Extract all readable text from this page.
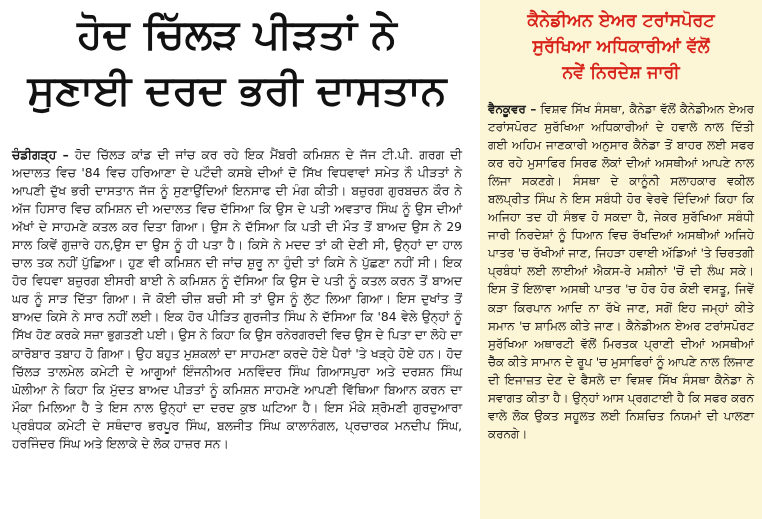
ਹੋਦ ਚਿੱਲੜ ਪੀੜਤਾਂ ਨੇ
ਸੁਣਾਈ ਦਰਦ ਭਰੀ ਦਾਸਤਾਨ
ਚੰਡੀਗੜ੍ਹ – ਹੋਦ ਚਿੱਲੜ ਕਾਂਡ ਦੀ ਜਾਂਚ ਕਰ ਰਹੇ ਇਕ ਮੈਂਬਰੀ ਕਮਿਸ਼ਨ ਦੇ ਜੱਜ ਟੀ.ਪੀ. ਗਰਗ ਦੀ ਅਦਾਲਤ ਵਿਚ '84 ਵਿਚ ਹਰਿਆਣਾ ਦੇ ਪਟੌਦੀ ਕਸਬੇ ਦੀਆਂ ਦੋ ਸਿੱਖ ਵਿਧਵਾਵਾਂ ਸਮੇਤ ਨੌ ਪੀੜਤਾਂ ਨੇ ਆਪਣੀ ਦੁੱਖ ਭਰੀ ਦਾਸਤਾਨ ਜੱਜ ਨੂੰ ਸੁਣਾਉਂਦਿਆਂ ਇਨਸਾਫ ਦੀ ਮੰਗ ਕੀਤੀ। ਬਜ਼ੁਰਗ ਗੁਰਬਚਨ ਕੌਰ ਨੇ ਅੱਜ ਹਿਸਾਰ ਵਿਚ ਕਮਿਸ਼ਨ ਦੀ ਅਦਾਲਤ ਵਿਚ ਦੱਸਿਆ ਕਿ ਉਸ ਦੇ ਪਤੀ ਅਵਤਾਰ ਸਿੰਘ ਨੂੰ ਉਸ ਦੀਆਂ ਅੱਖਾਂ ਦੇ ਸਾਹਮਣੇ ਕਤਲ ਕਰ ਦਿਤਾ ਗਿਆ। ਉਸ ਨੇ ਦੱਸਿਆ ਕਿ ਪਤੀ ਦੀ ਮੌਤ ਤੋਂ ਬਾਅਦ ਉਸ ਨੇ 29 ਸਾਲ ਕਿਵੇਂ ਗੁਜ਼ਾਰੇ ਹਨ,ਉਸ ਦਾ ਉਸ ਨੂੰ ਹੀ ਪਤਾ ਹੈ। ਕਿਸੇ ਨੇ ਮਦਦ ਤਾਂ ਕੀ ਦੇਣੀ ਸੀ, ਉਨ੍ਹਾਂ ਦਾ ਹਾਲ ਚਾਲ ਤਕ ਨਹੀਂ ਪੁੱਛਿਆ। ਹੁਣ ਵੀ ਕਮਿਸ਼ਨ ਦੀ ਜਾਂਚ ਸ਼ੁਰੂ ਨਾ ਹੁੰਦੀ ਤਾਂ ਕਿਸੇ ਨੇ ਪੁੱਛਣਾ ਨਹੀਂ ਸੀ। ਇਕ ਹੋਰ ਵਿਧਵਾ ਬਜ਼ੁਰਗ ਈਸਰੀ ਬਾਈ ਨੇ ਕਮਿਸ਼ਨ ਨੂੰ ਦੱਸਿਆ ਕਿ ਉਸ ਦੇ ਪਤੀ ਨੂੰ ਕਤਲ ਕਰਨ ਤੋਂ ਬਾਅਦ ਘਰ ਨੂੰ ਸਾੜ ਦਿੱਤਾ ਗਿਆ। ਜੋ ਕੋਈ ਚੀਜ਼ ਬਚੀ ਸੀ ਤਾਂ ਉਸ ਨੂੰ ਲੁੱਟ ਲਿਆ ਗਿਆ। ਇਸ ਦੁਖਾਂਤ ਤੋਂ ਬਾਅਦ ਕਿਸੇ ਨੇ ਸਾਰ ਨਹੀਂ ਲਈ। ਇਕ ਹੋਰ ਪੀੜਿਤ ਗੁਰਜੀਤ ਸਿੰਘ ਨੇ ਦੱਸਿਆ ਕਿ '84 ਵੇਲੇ ਉਨ੍ਹਾਂ ਨੂੰ ਸਿੱਖ ਹੋਣ ਕਰਕੇ ਸਜ਼ਾ ਭੁਗਤਣੀ ਪਈ। ਉਸ ਨੇ ਕਿਹਾ ਕਿ ਉਸ ਰਨੇਰਗਰਦੀ ਵਿਚ ਉਸ ਦੇ ਪਿਤਾ ਦਾ ਲੋਹੇ ਦਾ ਕਾਰੋਬਾਰ ਤਬਾਹ ਹੋ ਗਿਆ। ਉਹ ਬਹੁਤ ਮੁਸ਼ਕਲਾਂ ਦਾ ਸਾਹਮਣਾ ਕਰਦੇ ਹੋਏ ਪੈਰਾਂ 'ਤੇ ਖੜ੍ਹੇ ਹੋਏ ਹਨ। ਹੋਦ ਚਿੱਲੜ ਤਾਲਮੇਲ ਕਮੇਟੀ ਦੇ ਆਗੂਆਂ ਇੰਜਨੀਅਰ ਮਨਵਿੰਦਰ ਸਿੰਘ ਗਿਆਸਪੁਰਾ ਅਤੇ ਦਰਸ਼ਨ ਸਿੰਘ ਘੋਲੀਆ ਨੇ ਕਿਹਾ ਕਿ ਮੁੱਦਤ ਬਾਅਦ ਪੀੜਤਾਂ ਨੂੰ ਕਮਿਸ਼ਨ ਸਾਹਮਣੇ ਆਪਣੀ ਵਿੱਥਿਆ ਬਿਆਨ ਕਰਨ ਦਾ ਮੌਕਾ ਮਿਲਿਆ ਹੈ ਤੇ ਇਸ ਨਾਲ ਉਨ੍ਹਾਂ ਦਾ ਦਰਦ ਕੁਝ ਘਟਿਆ ਹੈ। ਇਸ ਮੌਕੇ ਸ਼੍ਰੋਮਣੀ ਗੁਰਦੁਆਰਾ ਪ੍ਰਬੰਧਕ ਕਮੇਟੀ ਦੇ ਸਥੰਦਾਰ ਭਰਪੂਰ ਸਿੰਘ, ਬਲਜੀਤ ਸਿੰਘ ਕਾਲਾਨੰਗਲ, ਪ੍ਰਚਾਰਕ ਮਨਦੀਪ ਸਿੰਘ, ਹਰਜਿੰਦਰ ਸਿੰਘ ਅਤੇ ਇਲਾਕੇ ਦੇ ਲੋਕ ਹਾਜ਼ਰ ਸਨ।
ਕੈਨੇਡੀਅਨ ਏਅਰ ਟਰਾਂਸਪੋਰਟ
ਸੁਰੱਖਿਆ ਅਧਿਕਾਰੀਆਂ ਵੱਲੋਂ
ਨਵੇਂ ਨਿਰਦੇਸ਼ ਜਾਰੀ
ਵੈਨਕੂਵਰ – ਵਿਸ਼ਵ ਸਿੱਖ ਸੰਸਥਾ, ਕੈਨੇਡਾ ਵੱਲੋਂ ਕੈਨੇਡੀਅਨ ਏਅਰ ਟਰਾਂਸਪੋਰਟ ਸੁਰੱਖਿਆ ਅਧਿਕਾਰੀਆਂ ਦੇ ਹਵਾਲੇ ਨਾਲ ਦਿੱਤੀ ਗਈ ਅਹਿਮ ਜਾਣਕਾਰੀ ਅਨੁਸਾਰ ਕੈਨੇਡਾ ਤੋਂ ਬਾਹਰ ਲਈ ਸਫਰ ਕਰ ਰਹੇ ਮੁਸਾਫਿਰ ਸਿਰਫ ਲੋਕਾਂ ਦੀਆਂ ਅਸਥੀਆਂ ਆਪਣੇ ਨਾਲ ਲਿਜਾ ਸਕਣਗੇ। ਸੰਸਥਾ ਦੇ ਕਾਨੂੰਨੀ ਸਲਾਹਕਾਰ ਵਕੀਲ ਬਲਪ੍ਰੀਤ ਸਿੰਘ ਨੇ ਇਸ ਸਬੰਧੀ ਹੋਰ ਵੇਰਵੇ ਦਿੰਦਿਆਂ ਕਿਹਾ ਕਿ ਅਜਿਹਾ ਤਦ ਹੀ ਸੰਭਵ ਹੋ ਸਕਦਾ ਹੈ, ਜੇਕਰ ਸੁਰੱਖਿਆ ਸਬੰਧੀ ਜਾਰੀ ਨਿਰਦੇਸ਼ਾਂ ਨੂੰ ਧਿਆਨ ਵਿਚ ਰੱਖਦਿਆਂ ਅਸਥੀਆਂ ਅਜਿਹੇ ਪਾਤਰ 'ਚ ਰੱਖੀਆਂ ਜਾਣ, ਜਿਹੜਾ ਹਵਾਈ ਅੱਡਿਆਂ 'ਤੇ ਚਿਰਤਗੀ ਪ੍ਰਬੰਧਾਂ ਲਈ ਲਾਈਆਂ ਐਕਸ-ਰੇ ਮਸ਼ੀਨਾਂ 'ਚੋਂ ਦੀ ਲੰਘ ਸਕੇ। ਇਸ ਤੋਂ ਇਲਾਵਾ ਅਸਥੀ ਪਾਤਰ 'ਚ ਹੋਰ ਹੋਰ ਕੋਈ ਵਸਤੂ, ਜਿਵੇਂ ਕੜਾ ਕਿਰਪਾਨ ਆਦਿ ਨਾ ਰੱਖੇ ਜਾਣ, ਸਗੋਂ ਇਹ ਜਮ੍ਹਾਂ ਕੀਤੇ ਸਮਾਨ 'ਚ ਸ਼ਾਮਿਲ ਕੀਤੇ ਜਾਣ। ਕੈਨੇਡੀਅਨ ਏਅਰ ਟਰਾਂਸਪੋਰਟ ਸੁਰੱਖਿਆ ਅਥਾਰਟੀ ਵੱਲੋਂ ਮਿਰਤਕ ਪ੍ਰਾਣੀ ਦੀਆਂ ਅਸਥੀਆਂ ਚੈੱਕ ਕੀਤੇ ਸਾਮਾਨ ਦੇ ਰੂਪ 'ਚ ਮੁਸਾਫਿਰਾਂ ਨੂੰ ਆਪਣੇ ਨਾਲ ਲਿਜਾਣ ਦੀ ਇਜਾਜ਼ਤ ਦੇਣ ਦੇ ਫੈਸਲੇ ਦਾ ਵਿਸ਼ਵ ਸਿੱਖ ਸੰਸਥਾ ਕੈਨੇਡਾ ਨੇ ਸਵਾਗਤ ਕੀਤਾ ਹੈ। ਉਨ੍ਹਾਂ ਆਸ ਪ੍ਰਗਟਾਈ ਹੈ ਕਿ ਸਫਰ ਕਰਨ ਵਾਲੇ ਲੋਕ ਉਕਤ ਸਹੂਲਤ ਲਈ ਨਿਸ਼ਚਿਤ ਨਿਯਮਾਂ ਦੀ ਪਾਲਣਾ ਕਰਨਗੇ।
